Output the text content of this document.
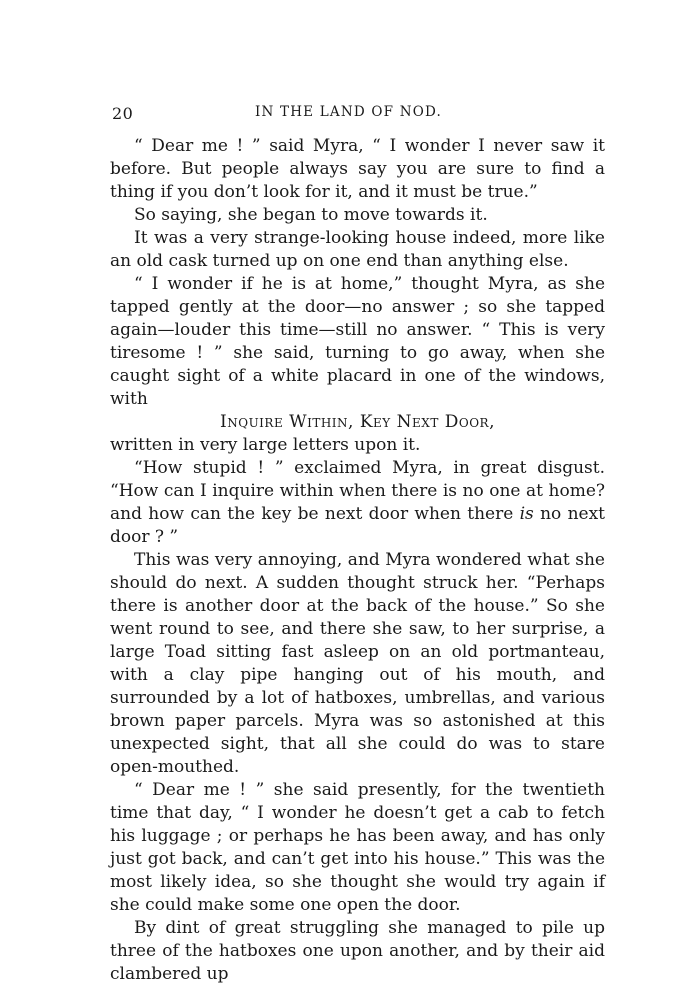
20	IN THE LAND OF NOD.

“ Dear me ! ” said Myra, “ I wonder I never saw it before. But people always say you are sure to find a thing if you don’t look for it, and it must be true.”

So saying, she began to move towards it.

It was a very strange-looking house indeed, more like an old cask turned up on one end than anything else.

“ I wonder if he is at home,” thought Myra, as she tapped gently at the door—no answer ; so she tapped again—louder this time—still no answer. “ This is very tiresome ! ” she said, turning to go away, when she caught sight of a white placard in one of the windows, with

Inquire Within, Key Next Door,

written in very large letters upon it.

“How stupid ! ” exclaimed Myra, in great disgust. “How can I inquire within when there is no one at home? and how can the key be next door when there is no next door ? ”

This was very annoying, and Myra wondered what she should do next. A sudden thought struck her. “Perhaps there is another door at the back of the house.” So she went round to see, and there she saw, to her surprise, a large Toad sitting fast asleep on an old portmanteau, with a clay pipe hanging out of his mouth, and surrounded by a lot of hatboxes, umbrellas, and various brown paper parcels. Myra was so astonished at this unexpected sight, that all she could do was to stare open-mouthed.

“ Dear me ! ” she said presently, for the twentieth time that day, “ I wonder he doesn’t get a cab to fetch his luggage ; or perhaps he has been away, and has only just got back, and can’t get into his house.” This was the most likely idea, so she thought she would try again if she could make some one open the door.

By dint of great struggling she managed to pile up three of the hatboxes one upon another, and by their aid clambered up
